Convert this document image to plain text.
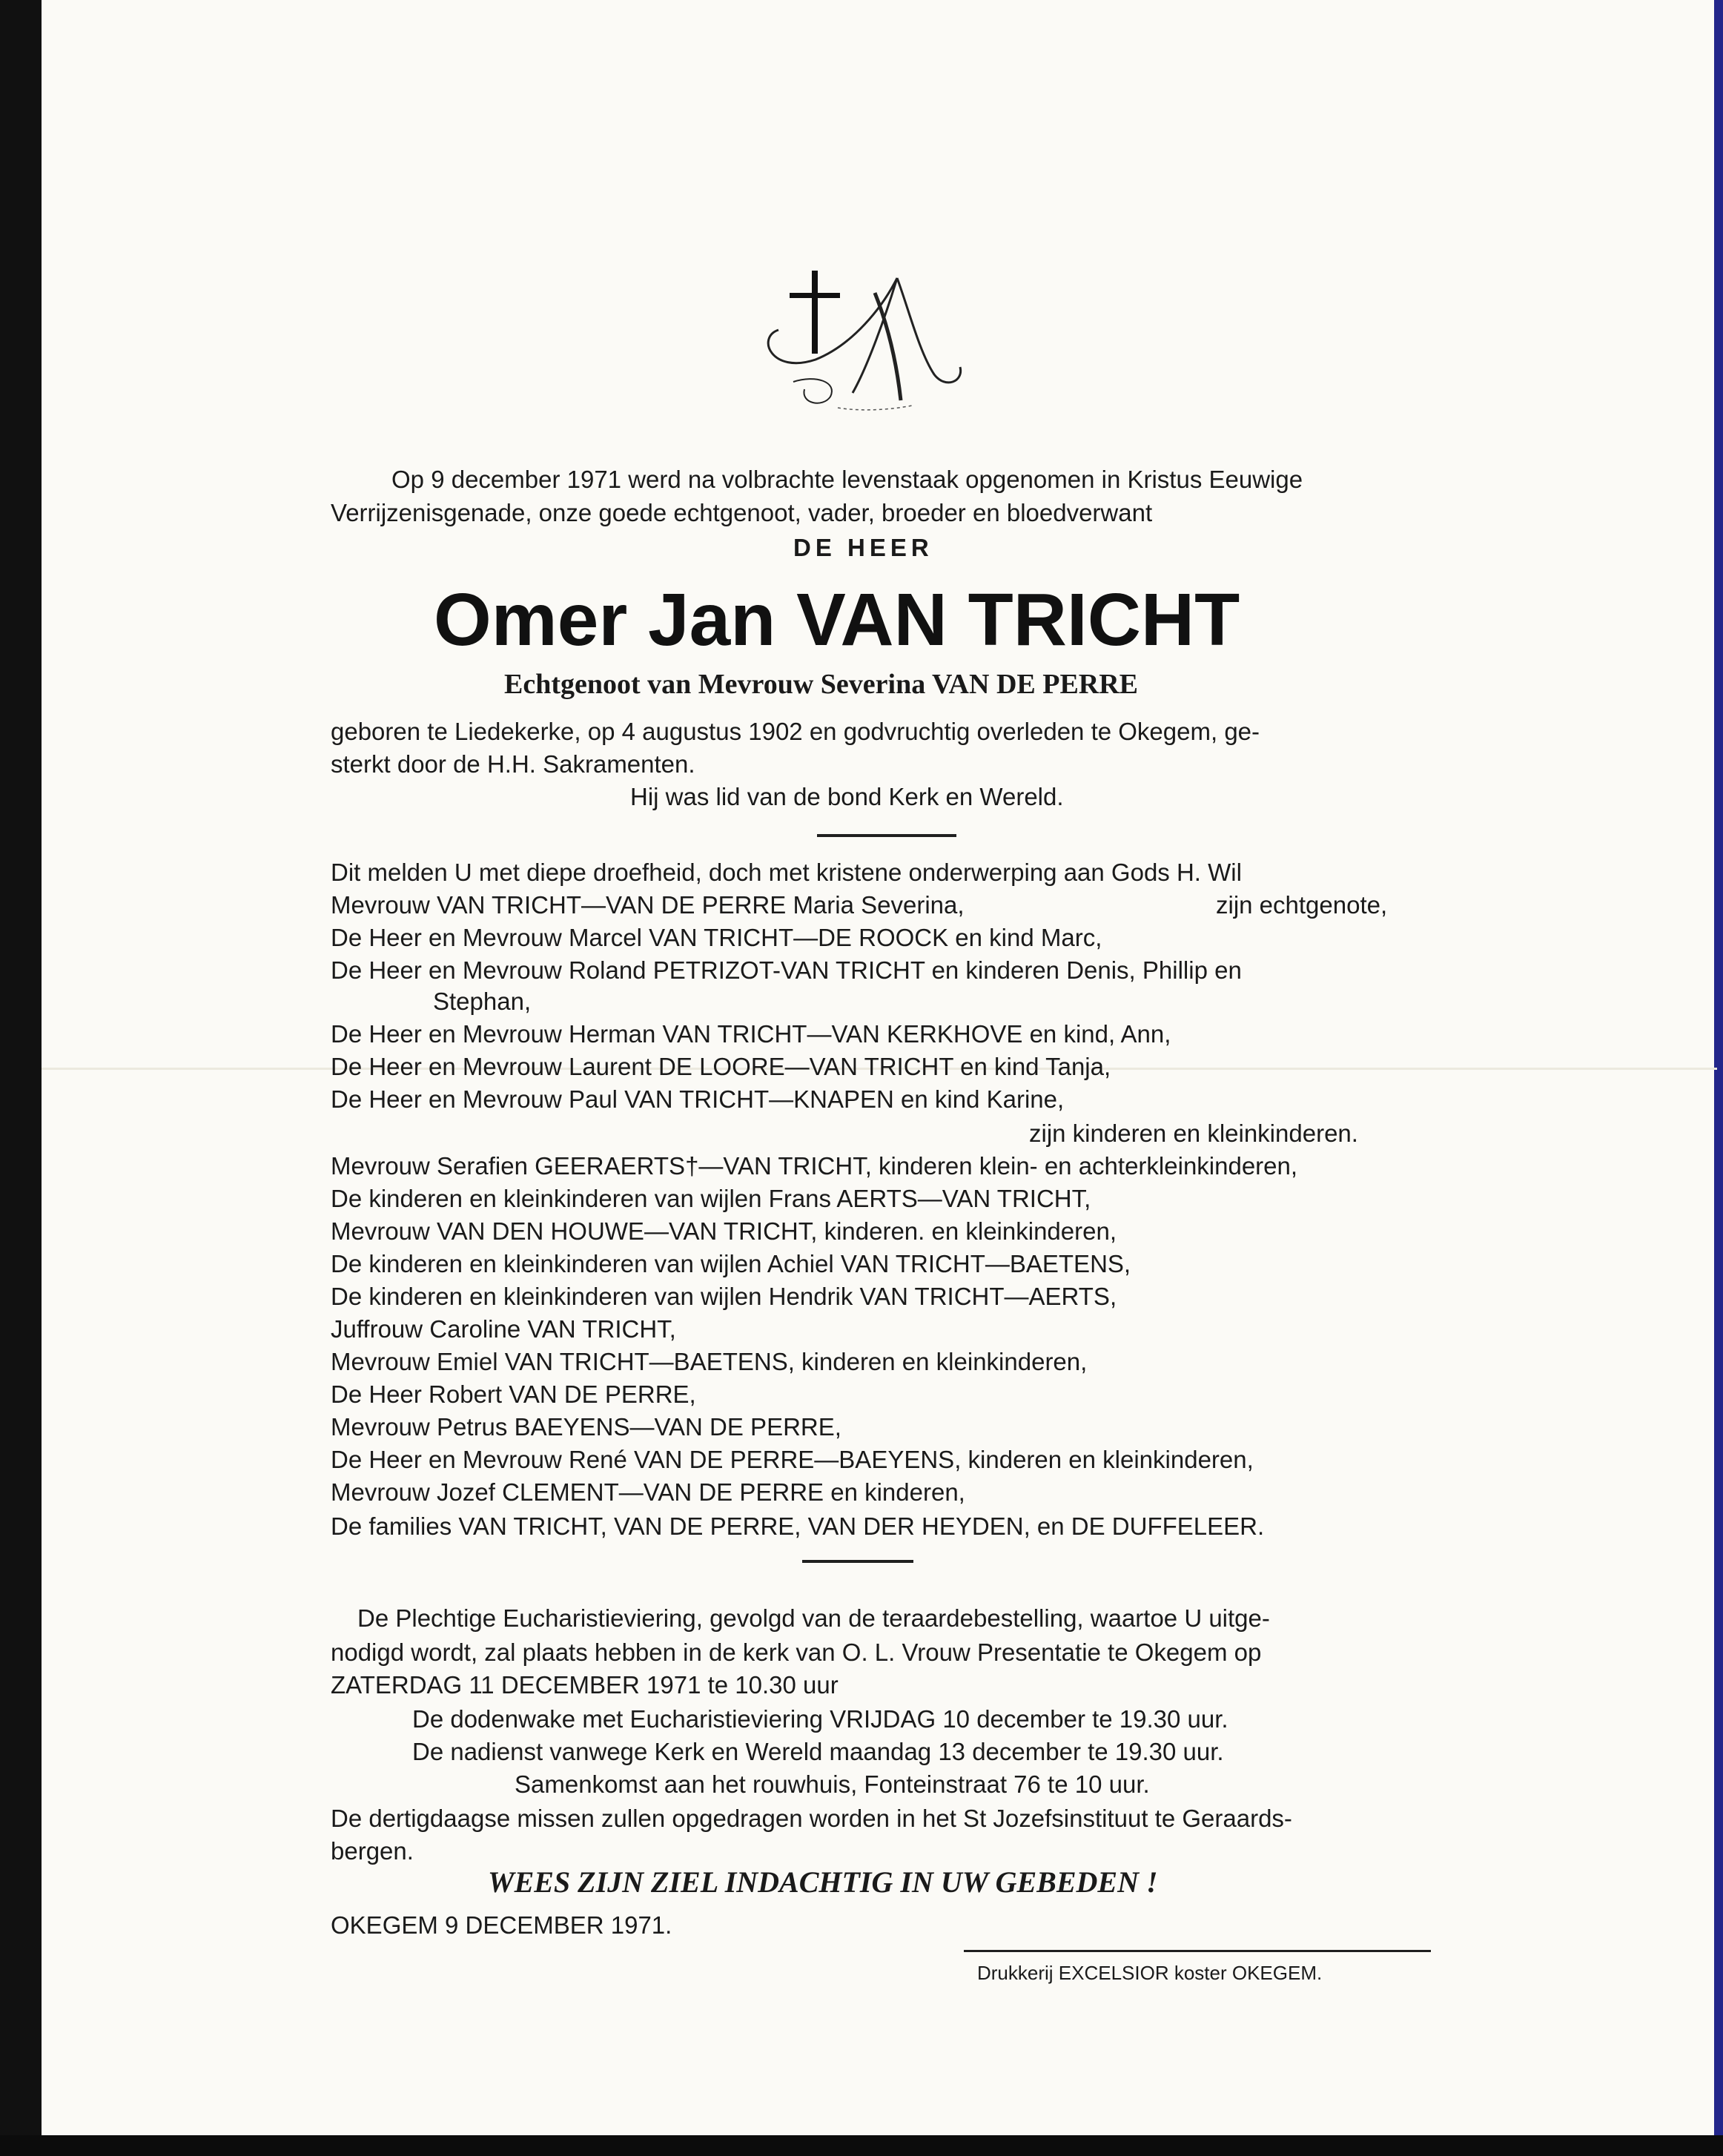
Op 9 december 1971 werd na volbrachte levenstaak opgenomen in Kristus Eeuwige
Verrijzenisgenade, onze goede echtgenoot, vader, broeder en bloedverwant
DE HEER
Omer Jan VAN TRICHT
Echtgenoot van Mevrouw Severina VAN DE PERRE
geboren te Liedekerke, op 4 augustus 1902 en godvruchtig overleden te Okegem, ge-
sterkt door de H.H. Sakramenten.
Hij was lid van de bond Kerk en Wereld.
Dit melden U met diepe droefheid, doch met kristene onderwerping aan Gods H. Wil
Mevrouw VAN TRICHT—VAN DE PERRE Maria Severina,	zijn echtgenote,
De Heer en Mevrouw Marcel VAN TRICHT—DE ROOCK en kind Marc,
De Heer en Mevrouw Roland PETRIZOT-VAN TRICHT en kinderen Denis, Phillip en
Stephan,
De Heer en Mevrouw Herman VAN TRICHT—VAN KERKHOVE en kind, Ann,
De Heer en Mevrouw Laurent DE LOORE—VAN TRICHT en kind Tanja,
De Heer en Mevrouw Paul VAN TRICHT—KNAPEN en kind Karine,
zijn kinderen en kleinkinderen.
Mevrouw Serafien GEERAERTS†—VAN TRICHT, kinderen klein- en achterkleinkinderen,
De kinderen en kleinkinderen van wijlen Frans AERTS—VAN TRICHT,
Mevrouw VAN DEN HOUWE—VAN TRICHT, kinderen. en kleinkinderen,
De kinderen en kleinkinderen van wijlen Achiel VAN TRICHT—BAETENS,
De kinderen en kleinkinderen van wijlen Hendrik VAN TRICHT—AERTS,
Juffrouw Caroline VAN TRICHT,
Mevrouw Emiel VAN TRICHT—BAETENS, kinderen en kleinkinderen,
De Heer Robert VAN DE PERRE,
Mevrouw Petrus BAEYENS—VAN DE PERRE,
De Heer en Mevrouw René VAN DE PERRE—BAEYENS, kinderen en kleinkinderen,
Mevrouw Jozef CLEMENT—VAN DE PERRE en kinderen,
De families VAN TRICHT, VAN DE PERRE, VAN DER HEYDEN, en DE DUFFELEER.
De Plechtige Eucharistieviering, gevolgd van de teraardebestelling, waartoe U uitge-
nodigd wordt, zal plaats hebben in de kerk van O. L. Vrouw Presentatie te Okegem op
ZATERDAG 11 DECEMBER 1971 te 10.30 uur
De dodenwake met Eucharistieviering VRIJDAG 10 december te 19.30 uur.
De nadienst vanwege Kerk en Wereld maandag 13 december te 19.30 uur.
Samenkomst aan het rouwhuis, Fonteinstraat 76 te 10 uur.
De dertigdaagse missen zullen opgedragen worden in het St Jozefsinstituut te Geraards-
bergen.
WEES ZIJN ZIEL INDACHTIG IN UW GEBEDEN !
OKEGEM 9 DECEMBER 1971.
Drukkerij EXCELSIOR koster OKEGEM.
